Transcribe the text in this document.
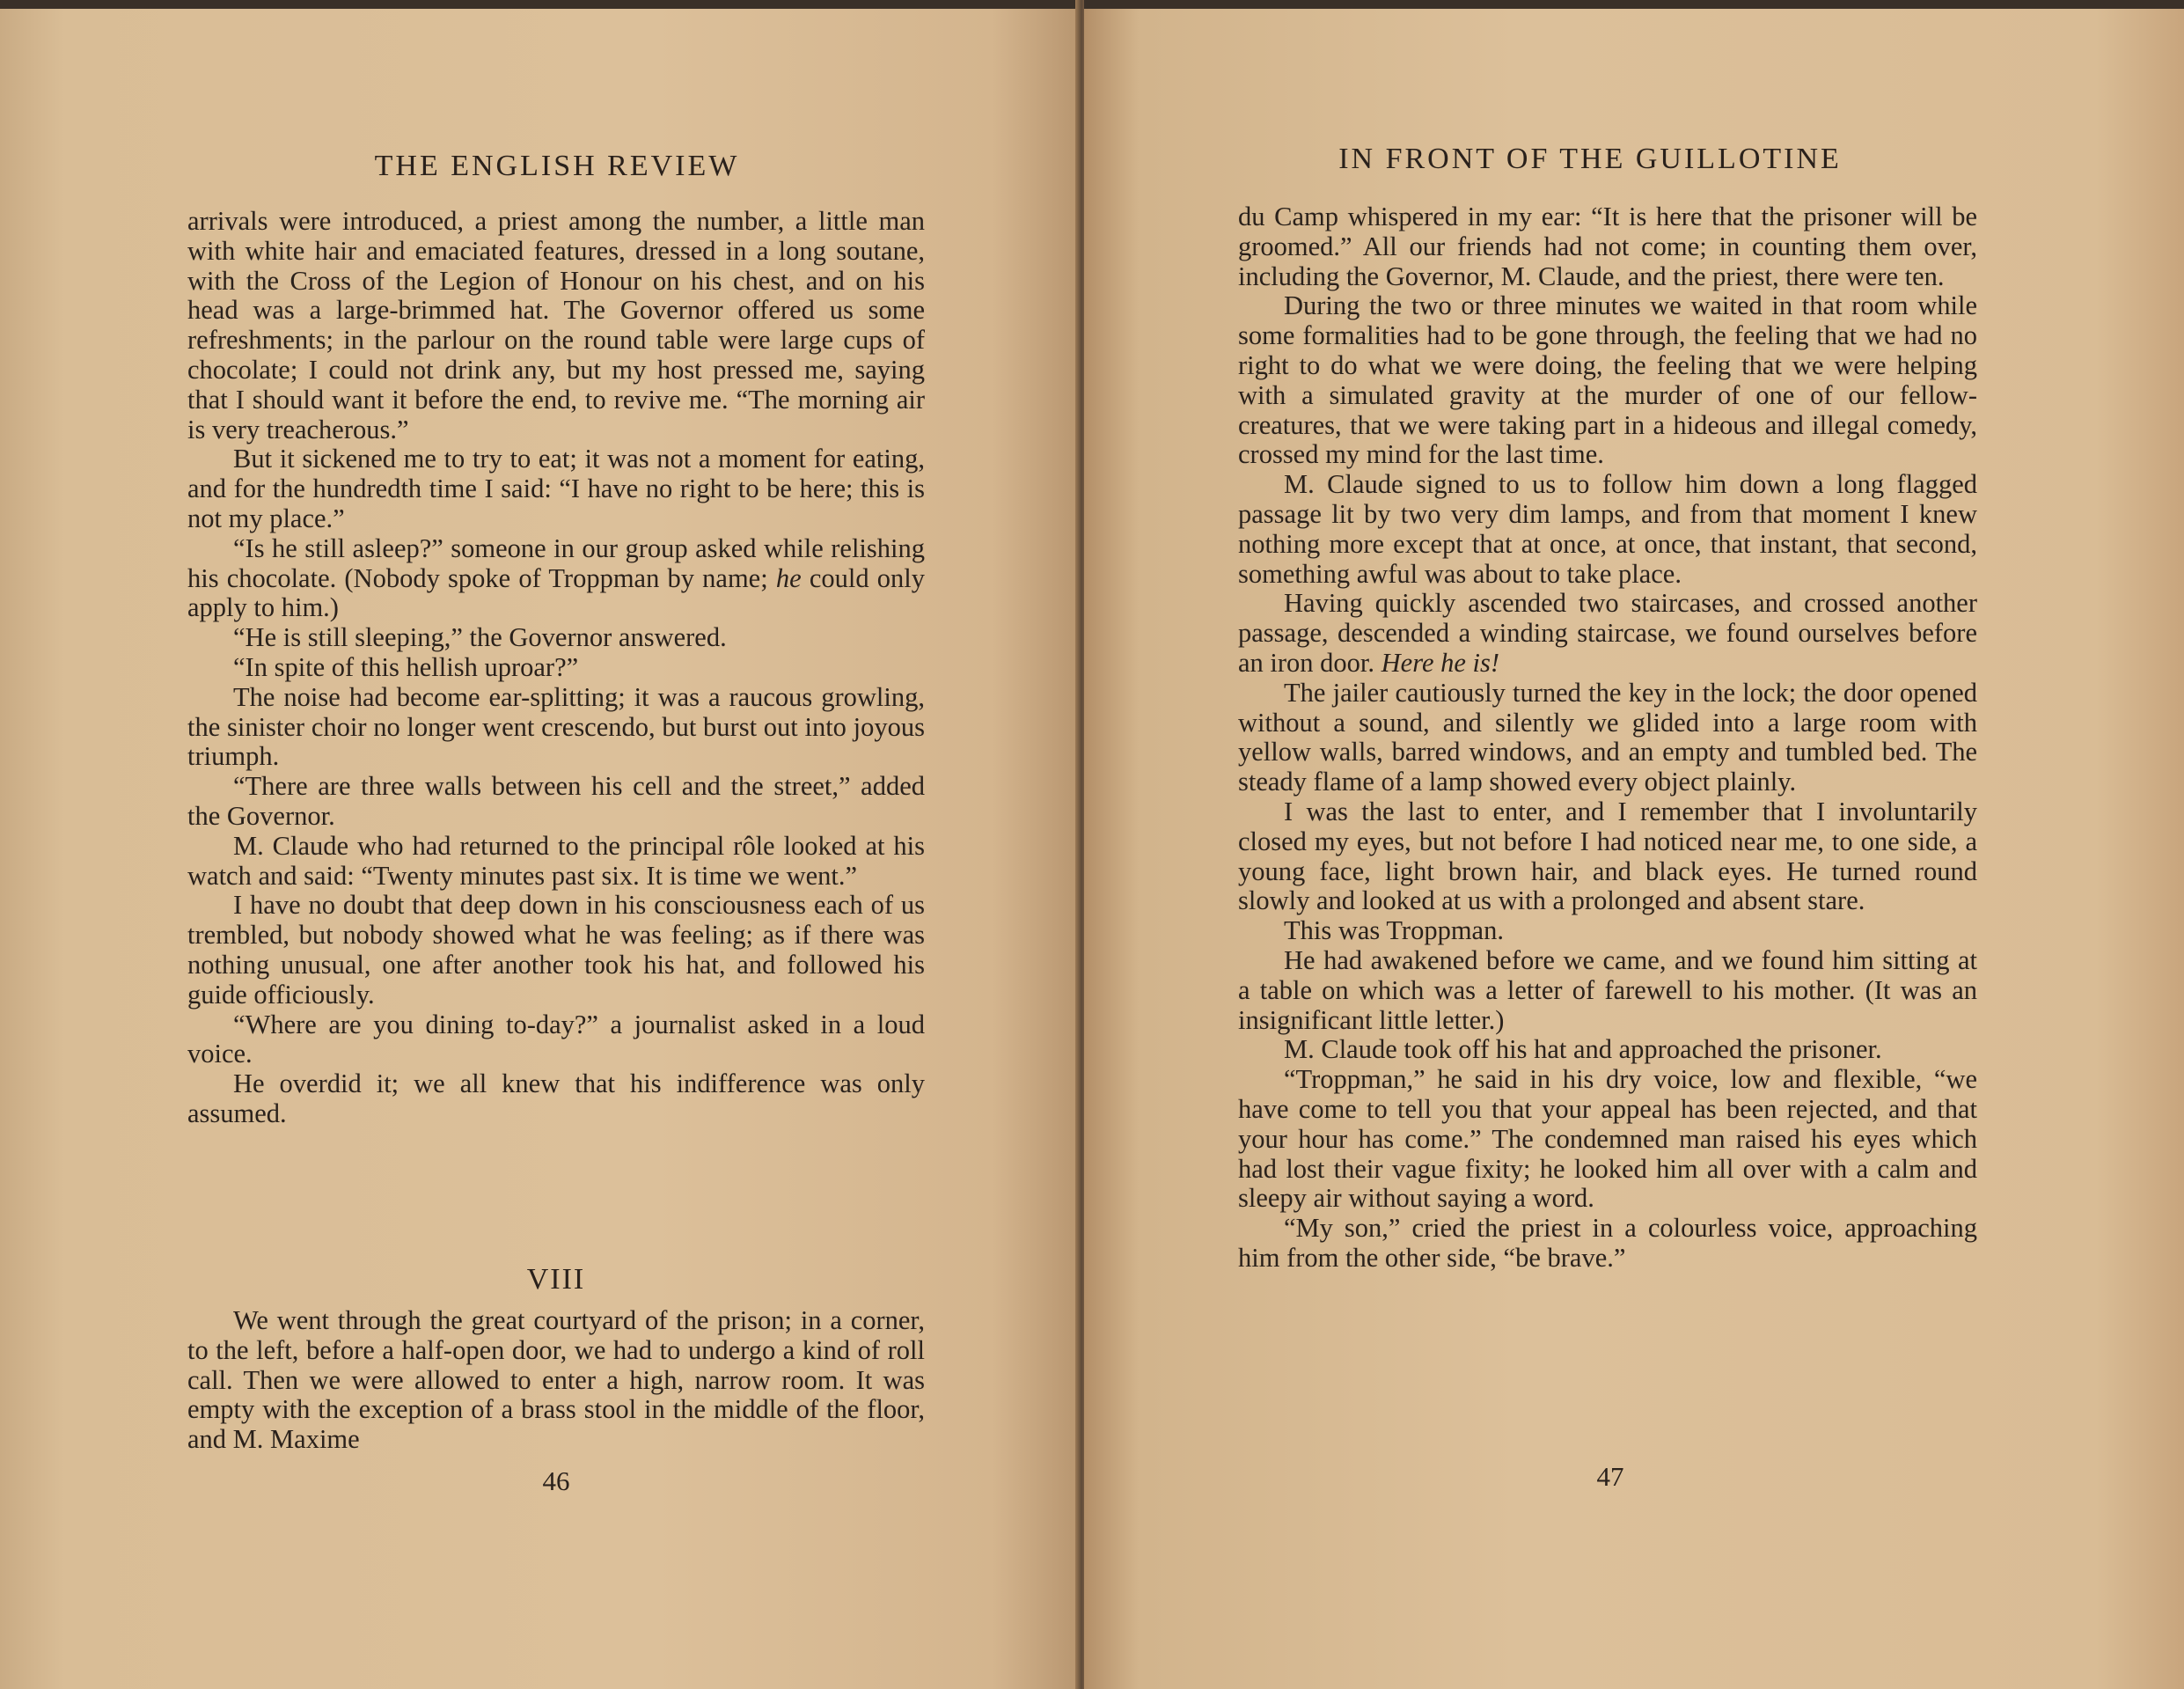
THE ENGLISH REVIEW

arrivals were introduced, a priest among the number, a little man with white hair and emaciated features, dressed in a long soutane, with the Cross of the Legion of Honour on his chest, and on his head was a large-brimmed hat. The Governor offered us some refreshments; in the parlour on the round table were large cups of chocolate; I could not drink any, but my host pressed me, saying that I should want it before the end, to revive me. “The morning air is very treacherous.”

But it sickened me to try to eat; it was not a moment for eating, and for the hundredth time I said: “I have no right to be here; this is not my place.”

“Is he still asleep?” someone in our group asked while relishing his chocolate. (Nobody spoke of Troppman by name; he could only apply to him.)

“He is still sleeping,” the Governor answered.

“In spite of this hellish uproar?”

The noise had become ear-splitting; it was a raucous growling, the sinister choir no longer went crescendo, but burst out into joyous triumph.

“There are three walls between his cell and the street,” added the Governor.

M. Claude who had returned to the principal rôle looked at his watch and said: “Twenty minutes past six. It is time we went.”

I have no doubt that deep down in his consciousness each of us trembled, but nobody showed what he was feeling; as if there was nothing unusual, one after another took his hat, and followed his guide officiously.

“Where are you dining to-day?” a journalist asked in a loud voice.

He overdid it; we all knew that his indifference was only assumed.

VIII

We went through the great courtyard of the prison; in a corner, to the left, before a half-open door, we had to undergo a kind of roll call. Then we were allowed to enter a high, narrow room. It was empty with the exception of a brass stool in the middle of the floor, and M. Maxime

46
IN FRONT OF THE GUILLOTINE

du Camp whispered in my ear: “It is here that the prisoner will be groomed.” All our friends had not come; in counting them over, including the Governor, M. Claude, and the priest, there were ten.

During the two or three minutes we waited in that room while some formalities had to be gone through, the feeling that we had no right to do what we were doing, the feeling that we were helping with a simulated gravity at the murder of one of our fellow-creatures, that we were taking part in a hideous and illegal comedy, crossed my mind for the last time.

M. Claude signed to us to follow him down a long flagged passage lit by two very dim lamps, and from that moment I knew nothing more except that at once, at once, that instant, that second, something awful was about to take place.

Having quickly ascended two staircases, and crossed another passage, descended a winding staircase, we found ourselves before an iron door. Here he is!

The jailer cautiously turned the key in the lock; the door opened without a sound, and silently we glided into a large room with yellow walls, barred windows, and an empty and tumbled bed. The steady flame of a lamp showed every object plainly.

I was the last to enter, and I remember that I involuntarily closed my eyes, but not before I had noticed near me, to one side, a young face, light brown hair, and black eyes. He turned round slowly and looked at us with a prolonged and absent stare.

This was Troppman.

He had awakened before we came, and we found him sitting at a table on which was a letter of farewell to his mother. (It was an insignificant little letter.)

M. Claude took off his hat and approached the prisoner.

“Troppman,” he said in his dry voice, low and flexible, “we have come to tell you that your appeal has been rejected, and that your hour has come.” The condemned man raised his eyes which had lost their vague fixity; he looked him all over with a calm and sleepy air without saying a word.

“My son,” cried the priest in a colourless voice, approaching him from the other side, “be brave.”

47
